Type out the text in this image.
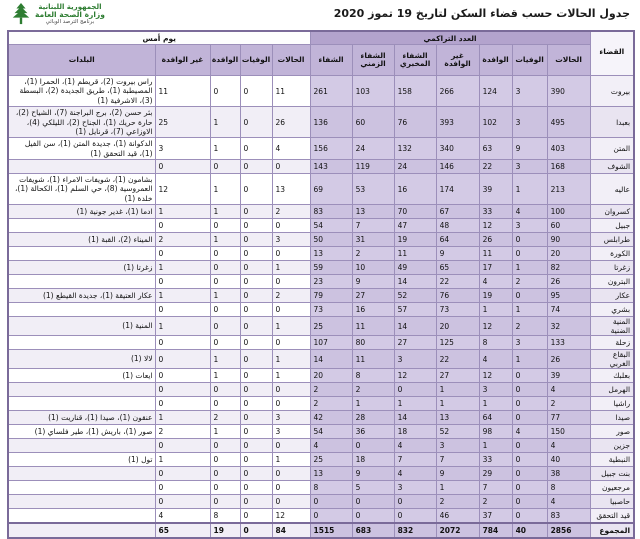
جدول الحالات حسب قضاء السكن لتاريخ 19 تموز 2020
الجمهورية اللبنانية
وزارة الصحة العامة
برنامج الترصد الوبائي
القضاء	العدد التراكمي							يوم أمس				
	الحالات	الوفيات	الوافدة	غير الوافدة	الشفاء المخبري	الشفاء الزمني	الشفاء	الحالات	الوفيات	الوافدة	غير الوافدة	البلدات
بيروت	390	3	124	266	158	103	261	11	0	0	11	راس بيروت (2)، قريطم (1)، الحمرا (1)، المصيطبة (1)، طريق الجديدة (2)، البسطة (3)، الاشرفية (1)
بعبدا	495	3	102	393	76	60	136	26	0	1	25	بئر حسن (2)، برج البراجنة (7)، الشياح (2)، حارة حريك (1)، الجناح (2)، الليلكي (4)، الاوزاعي (7)، قرنايل (1)
المتن	403	9	63	340	132	24	156	4	0	1	3	الدكوانة (1)، جديدة المتن (1)، سن الفيل (1)، قيد التحقق (1)
الشوف	168	3	22	146	24	119	143	0	0	0	0	
عاليه	213	1	39	174	16	53	69	13	0	1	12	بشامون (1)، شويفات الامراء (1)، شويفات العمروسية (8)، حي السلم (1)، الكحالة (1)، خلدة (1)
كسروان	100	4	33	67	70	13	83	2	0	1	1	ادما (1)، غدير جونية (1)
جبيل	60	3	12	48	47	7	54	0	0	0	0	
طرابلس	90	0	26	64	19	31	50	3	0	1	2	الميناء (2)، القبة (1)
الكورة	20	0	11	9	11	2	13	0	0	0	0	
زغرتا	82	1	17	65	49	10	59	1	0	0	1	زغرتا (1)
البترون	26	2	4	22	14	9	23	0	0	0	0	
عكار	95	0	19	76	52	27	79	2	0	1	1	عكار العتيقة (1)، جديدة القيطع (1)
بشري	74	1	1	73	57	16	73	0	0	0	0	
المنية الضنية	32	2	12	20	14	11	25	1	0	0	1	المنية (1)
زحلة	133	3	8	125	27	80	107	0	0	0	0	
البقاع الغربي	26	1	4	22	3	11	14	1	0	1	0	لالا (1)
بعلبك	39	0	12	27	12	8	20	1	0	1	0	ايعات (1)
الهرمل	4	0	3	1	0	2	2	0	0	0	0	
راشيا	2	0	1	1	1	1	2	0	0	0	0	
صيدا	77	0	64	13	14	28	42	3	0	2	1	عنقون (1)، صيدا (1)، قناريت (1)
صور	150	4	98	52	18	36	54	3	0	1	2	صور (1)، باريش (1)، طير فلساي (1)
جزين	4	0	1	3	4	0	4	0	0	0	0	
النبطية	40	0	33	7	7	18	25	1	0	0	1	تول (1)
بنت جبيل	38	0	29	9	4	9	13	0	0	0	0	
مرجعيون	8	0	7	1	3	5	8	0	0	0	0	
حاصبيا	4	0	2	2	0	0	0	0	0	0	0	
قيد التحقق	83	0	37	46	0	0	0	12	0	8	4	
المجموع	2856	40	784	2072	832	683	1515	84	0	19	65	
